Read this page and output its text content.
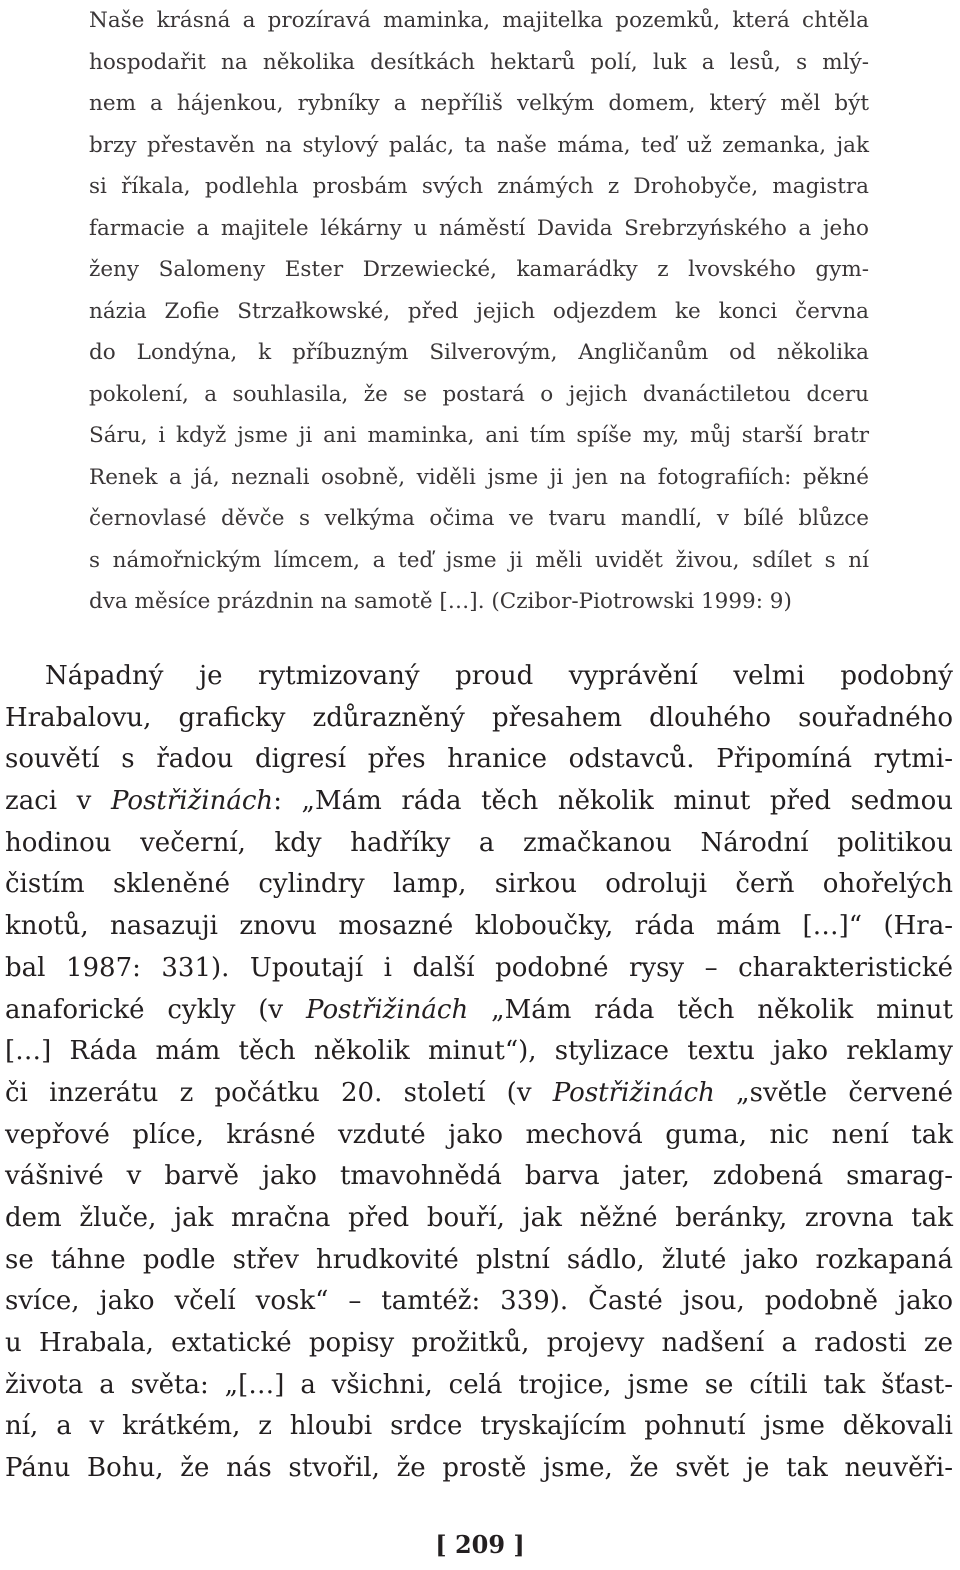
Naše krásná a prozíravá maminka, majitelka pozemků, která chtěla
hospodařit na několika desítkách hektarů polí, luk a lesů, s mlý-
nem a hájenkou, rybníky a nepříliš velkým domem, který měl být
brzy přestavěn na stylový palác, ta naše máma, teď už zemanka, jak
si říkala, podlehla prosbám svých známých z Drohobyče, magistra
farmacie a majitele lékárny u náměstí Davida Srebrzyńského a jeho
ženy Salomeny Ester Drzewiecké, kamarádky z lvovského gym-
názia Zofie Strzałkowské, před jejich odjezdem ke konci června
do Londýna, k příbuzným Silverovým, Angličanům od několika
pokolení, a souhlasila, že se postará o jejich dvanáctiletou dceru
Sáru, i když jsme ji ani maminka, ani tím spíše my, můj starší bratr
Renek a já, neznali osobně, viděli jsme ji jen na fotografiích: pěkné
černovlasé děvče s velkýma očima ve tvaru mandlí, v bílé blůzce
s námořnickým límcem, a teď jsme ji měli uvidět živou, sdílet s ní
dva měsíce prázdnin na samotě […]. (Czibor-Piotrowski 1999: 9)
Nápadný je rytmizovaný proud vyprávění velmi podobný
Hrabalovu, graficky zdůrazněný přesahem dlouhého souřadného
souvětí s řadou digresí přes hranice odstavců. Připomíná rytmi-
zaci v Postřižinách: „Mám ráda těch několik minut před sedmou
hodinou večerní, kdy hadříky a zmačkanou Národní politikou
čistím skleněné cylindry lamp, sirkou odroluji čerň ohořelých
knotů, nasazuji znovu mosazné kloboučky, ráda mám […]“ (Hra-
bal 1987: 331). Upoutají i další podobné rysy – charakteristické
anaforické cykly (v Postřižinách „Mám ráda těch několik minut
[…] Ráda mám těch několik minut“), stylizace textu jako reklamy
či inzerátu z počátku 20. století (v Postřižinách „světle červené
vepřové plíce, krásné vzduté jako mechová guma, nic není tak
vášnivé v barvě jako tmavohnědá barva jater, zdobená smarag-
dem žluče, jak mračna před bouří, jak něžné beránky, zrovna tak
se táhne podle střev hrudkovité plstní sádlo, žluté jako rozkapaná
svíce, jako včelí vosk“ – tamtéž: 339). Časté jsou, podobně jako
u Hrabala, extatické popisy prožitků, projevy nadšení a radosti ze
života a světa: „[…] a všichni, celá trojice, jsme se cítili tak šťast-
ní, a v krátkém, z hloubi srdce tryskajícím pohnutí jsme děkovali
Pánu Bohu, že nás stvořil, že prostě jsme, že svět je tak neuvěři-
[ 209 ]
